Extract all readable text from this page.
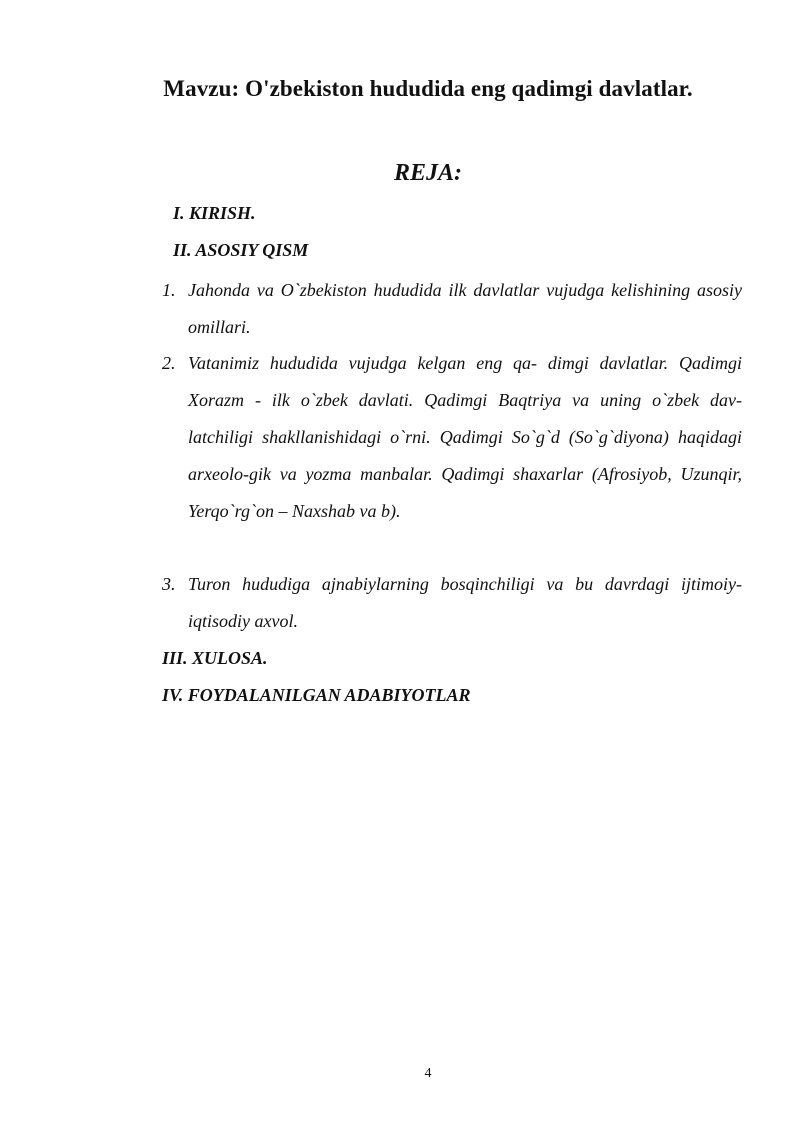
Mavzu: O'zbekiston hududida eng qadimgi davlatlar.
REJA:
I. KIRISH.
II. ASOSIY QISM
1. Jahonda va O`zbekiston hududida ilk davlatlar vujudga kelishining asosiy omillari.
2. Vatanimiz hududida vujudga kelgan eng qa- dimgi davlatlar. Qadimgi Xorazm - ilk o`zbek davlati. Qadimgi Baqtriya va uning o`zbek dav-latchiligi shakllanishidagi o`rni. Qadimgi So`g`d (So`g`diyona) haqidagi arxeolo-gik va yozma manbalar. Qadimgi shaxarlar (Afrosiyob, Uzunqir, Yerqo`rg`on – Naxshab va b).
3. Turon hududiga ajnabiylarning bosqinchiligi va bu davrdagi ijtimoiy-iqtisodiy axvol.
III. XULOSA.
IV. FOYDALANILGAN ADABIYOTLAR
4
